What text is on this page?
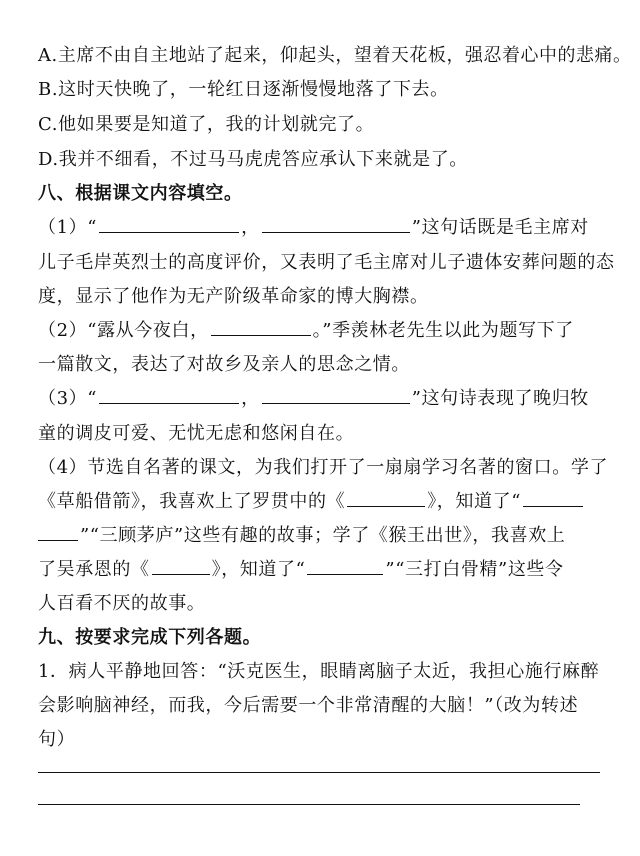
A.主席不由自主地站了起来，仰起头，望着天花板，强忍着心中的悲痛。
B.这时天快晚了，一轮红日逐渐慢慢地落了下去。
C.他如果要是知道了，我的计划就完了。
D.我并不细看，不过马马虎虎答应承认下来就是了。
八、根据课文内容填空。
（1）“	，	”这句话既是毛主席对
儿子毛岸英烈士的高度评价，又表明了毛主席对儿子遗体安葬问题的态
度，显示了他作为无产阶级革命家的博大胸襟。
（2）“露从今夜白，	。”季羡林老先生以此为题写下了
一篇散文，表达了对故乡及亲人的思念之情。
（3）“	，	”这句诗表现了晚归牧
童的调皮可爱、无忧无虑和悠闲自在。
（4）节选自名著的课文，为我们打开了一扇扇学习名著的窗口。学了
《草船借箭》，我喜欢上了罗贯中的《	》，知道了“
”“三顾茅庐”这些有趣的故事；学了《猴王出世》，我喜欢上
了吴承恩的《	》，知道了“	”“三打白骨精”这些令
人百看不厌的故事。
九、按要求完成下列各题。
1．病人平静地回答：“沃克医生，眼睛离脑子太近，我担心施行麻醉
会影响脑神经，而我，今后需要一个非常清醒的大脑！”（改为转述
句）
